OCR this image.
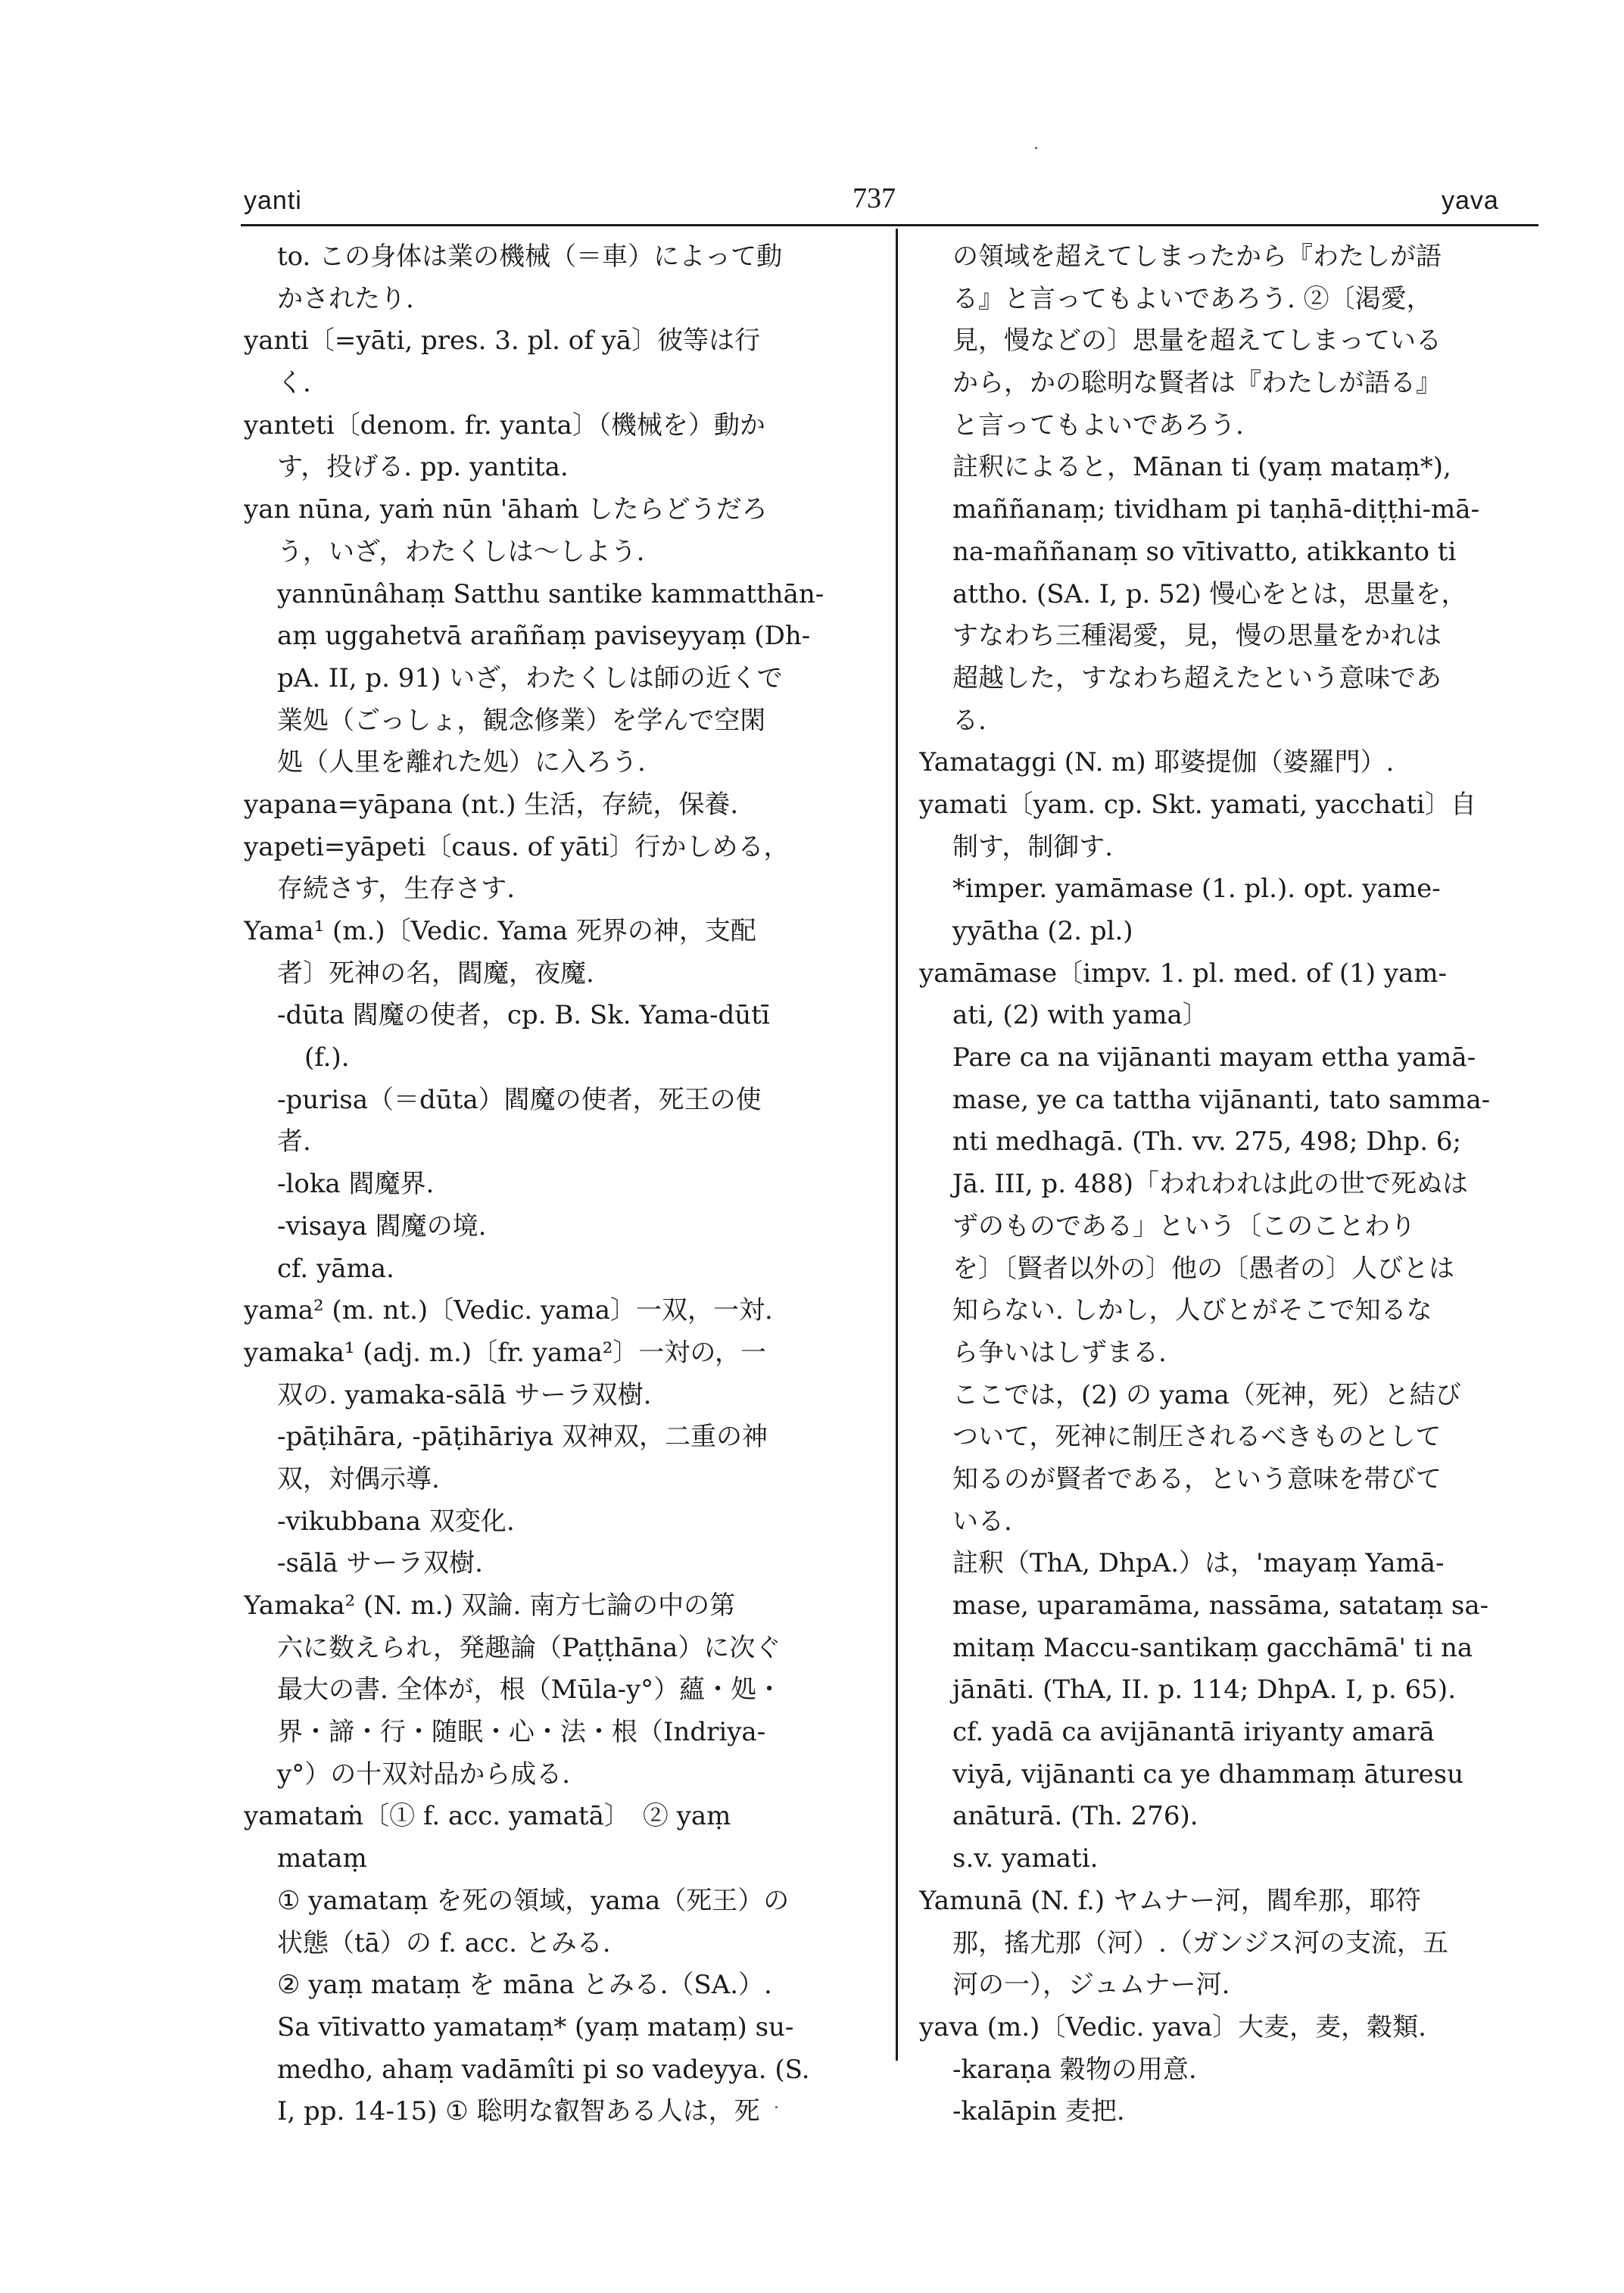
yanti	737	yava
to. この身体は業の機械（＝車）によって動
かされたり.
yanti〔=yāti, pres. 3. pl. of yā〕彼等は行
く.
yanteti〔denom. fr. yanta〕（機械を）動か
す，投げる. pp. yantita.
yan nūna, yaṁ nūn 'āhaṁ したらどうだろ
う，いざ，わたくしは～しよう.
yannūnâhaṃ Satthu santike kammatthān-
aṃ uggahetvā araññaṃ paviseyyaṃ (Dh-
pA. II, p. 91) いざ，わたくしは師の近くで
業処（ごっしょ，観念修業）を学んで空閑
処（人里を離れた処）に入ろう.
yapana=yāpana (nt.) 生活，存続，保養.
yapeti=yāpeti〔caus. of yāti〕行かしめる，
存続さす，生存さす.
Yama¹ (m.)〔Vedic. Yama 死界の神，支配
者〕死神の名，閻魔，夜魔.
-dūta 閻魔の使者，cp. B. Sk. Yama-dūtī
(f.).
-purisa（＝dūta）閻魔の使者，死王の使
者.
-loka 閻魔界.
-visaya 閻魔の境.
cf. yāma.
yama² (m. nt.)〔Vedic. yama〕一双，一対.
yamaka¹ (adj. m.)〔fr. yama²〕一対の，一
双の. yamaka-sālā サーラ双樹.
-pāṭihāra, -pāṭihāriya 双神双，二重の神
双，対偶示導.
-vikubbana 双変化.
-sālā サーラ双樹.
Yamaka² (N. m.) 双論. 南方七論の中の第
六に数えられ，発趣論（Paṭṭhāna）に次ぐ
最大の書. 全体が，根（Mūla-y°）蘊・処・
界・諦・行・随眠・心・法・根（Indriya-
y°）の十双対品から成る.
yamataṁ〔① f. acc. yamatā〕　② yaṃ
mataṃ
① yamataṃ を死の領域，yama（死王）の
状態（tā）の f. acc. とみる.
② yaṃ mataṃ を māna とみる.（SA.）.
Sa vītivatto yamataṃ* (yaṃ mataṃ) su-
medho, ahaṃ vadāmîti pi so vadeyya. (S.
I, pp. 14-15) ① 聡明な叡智ある人は，死
の領域を超えてしまったから『わたしが語
る』と言ってもよいであろう. ②〔渇愛，
見，慢などの〕思量を超えてしまっている
から，かの聡明な賢者は『わたしが語る』
と言ってもよいであろう.
註釈によると，Mānan ti (yaṃ mataṃ*),
maññanaṃ; tividham pi taṇhā-diṭṭhi-mā-
na-maññanaṃ so vītivatto, atikkanto ti
attho. (SA. I, p. 52) 慢心をとは，思量を，
すなわち三種渇愛，見，慢の思量をかれは
超越した，すなわち超えたという意味であ
る.
Yamataggi (N. m) 耶婆提伽（婆羅門）.
yamati〔yam. cp. Skt. yamati, yacchati〕自
制す，制御す.
*imper. yamāmase (1. pl.). opt. yame-
yyātha (2. pl.)
yamāmase〔impv. 1. pl. med. of (1) yam-
ati, (2) with yama〕
Pare ca na vijānanti mayam ettha yamā-
mase, ye ca tattha vijānanti, tato samma-
nti medhagā. (Th. vv. 275, 498; Dhp. 6;
Jā. III, p. 488)「われわれは此の世で死ぬは
ずのものである」という〔このことわり
を〕〔賢者以外の〕他の〔愚者の〕人びとは
知らない. しかし，人びとがそこで知るな
ら争いはしずまる.
ここでは，(2) の yama（死神，死）と結び
ついて，死神に制圧されるべきものとして
知るのが賢者である，という意味を帯びて
いる.
註釈（ThA, DhpA.）は，'mayaṃ Yamā-
mase, uparamāma, nassāma, satataṃ sa-
mitaṃ Maccu-santikaṃ gacchāmā' ti na
jānāti. (ThA, II. p. 114; DhpA. I, p. 65).
cf. yadā ca avijānantā iriyanty amarā
viyā, vijānanti ca ye dhammaṃ āturesu
anāturā. (Th. 276).
s.v. yamati.
Yamunā (N. f.) ヤムナー河，閻牟那，耶符
那，搖尤那（河）.（ガンジス河の支流，五
河の一），ジュムナー河.
yava (m.)〔Vedic. yava〕大麦，麦，穀類.
-karaṇa 穀物の用意.
-kalāpin 麦把.
